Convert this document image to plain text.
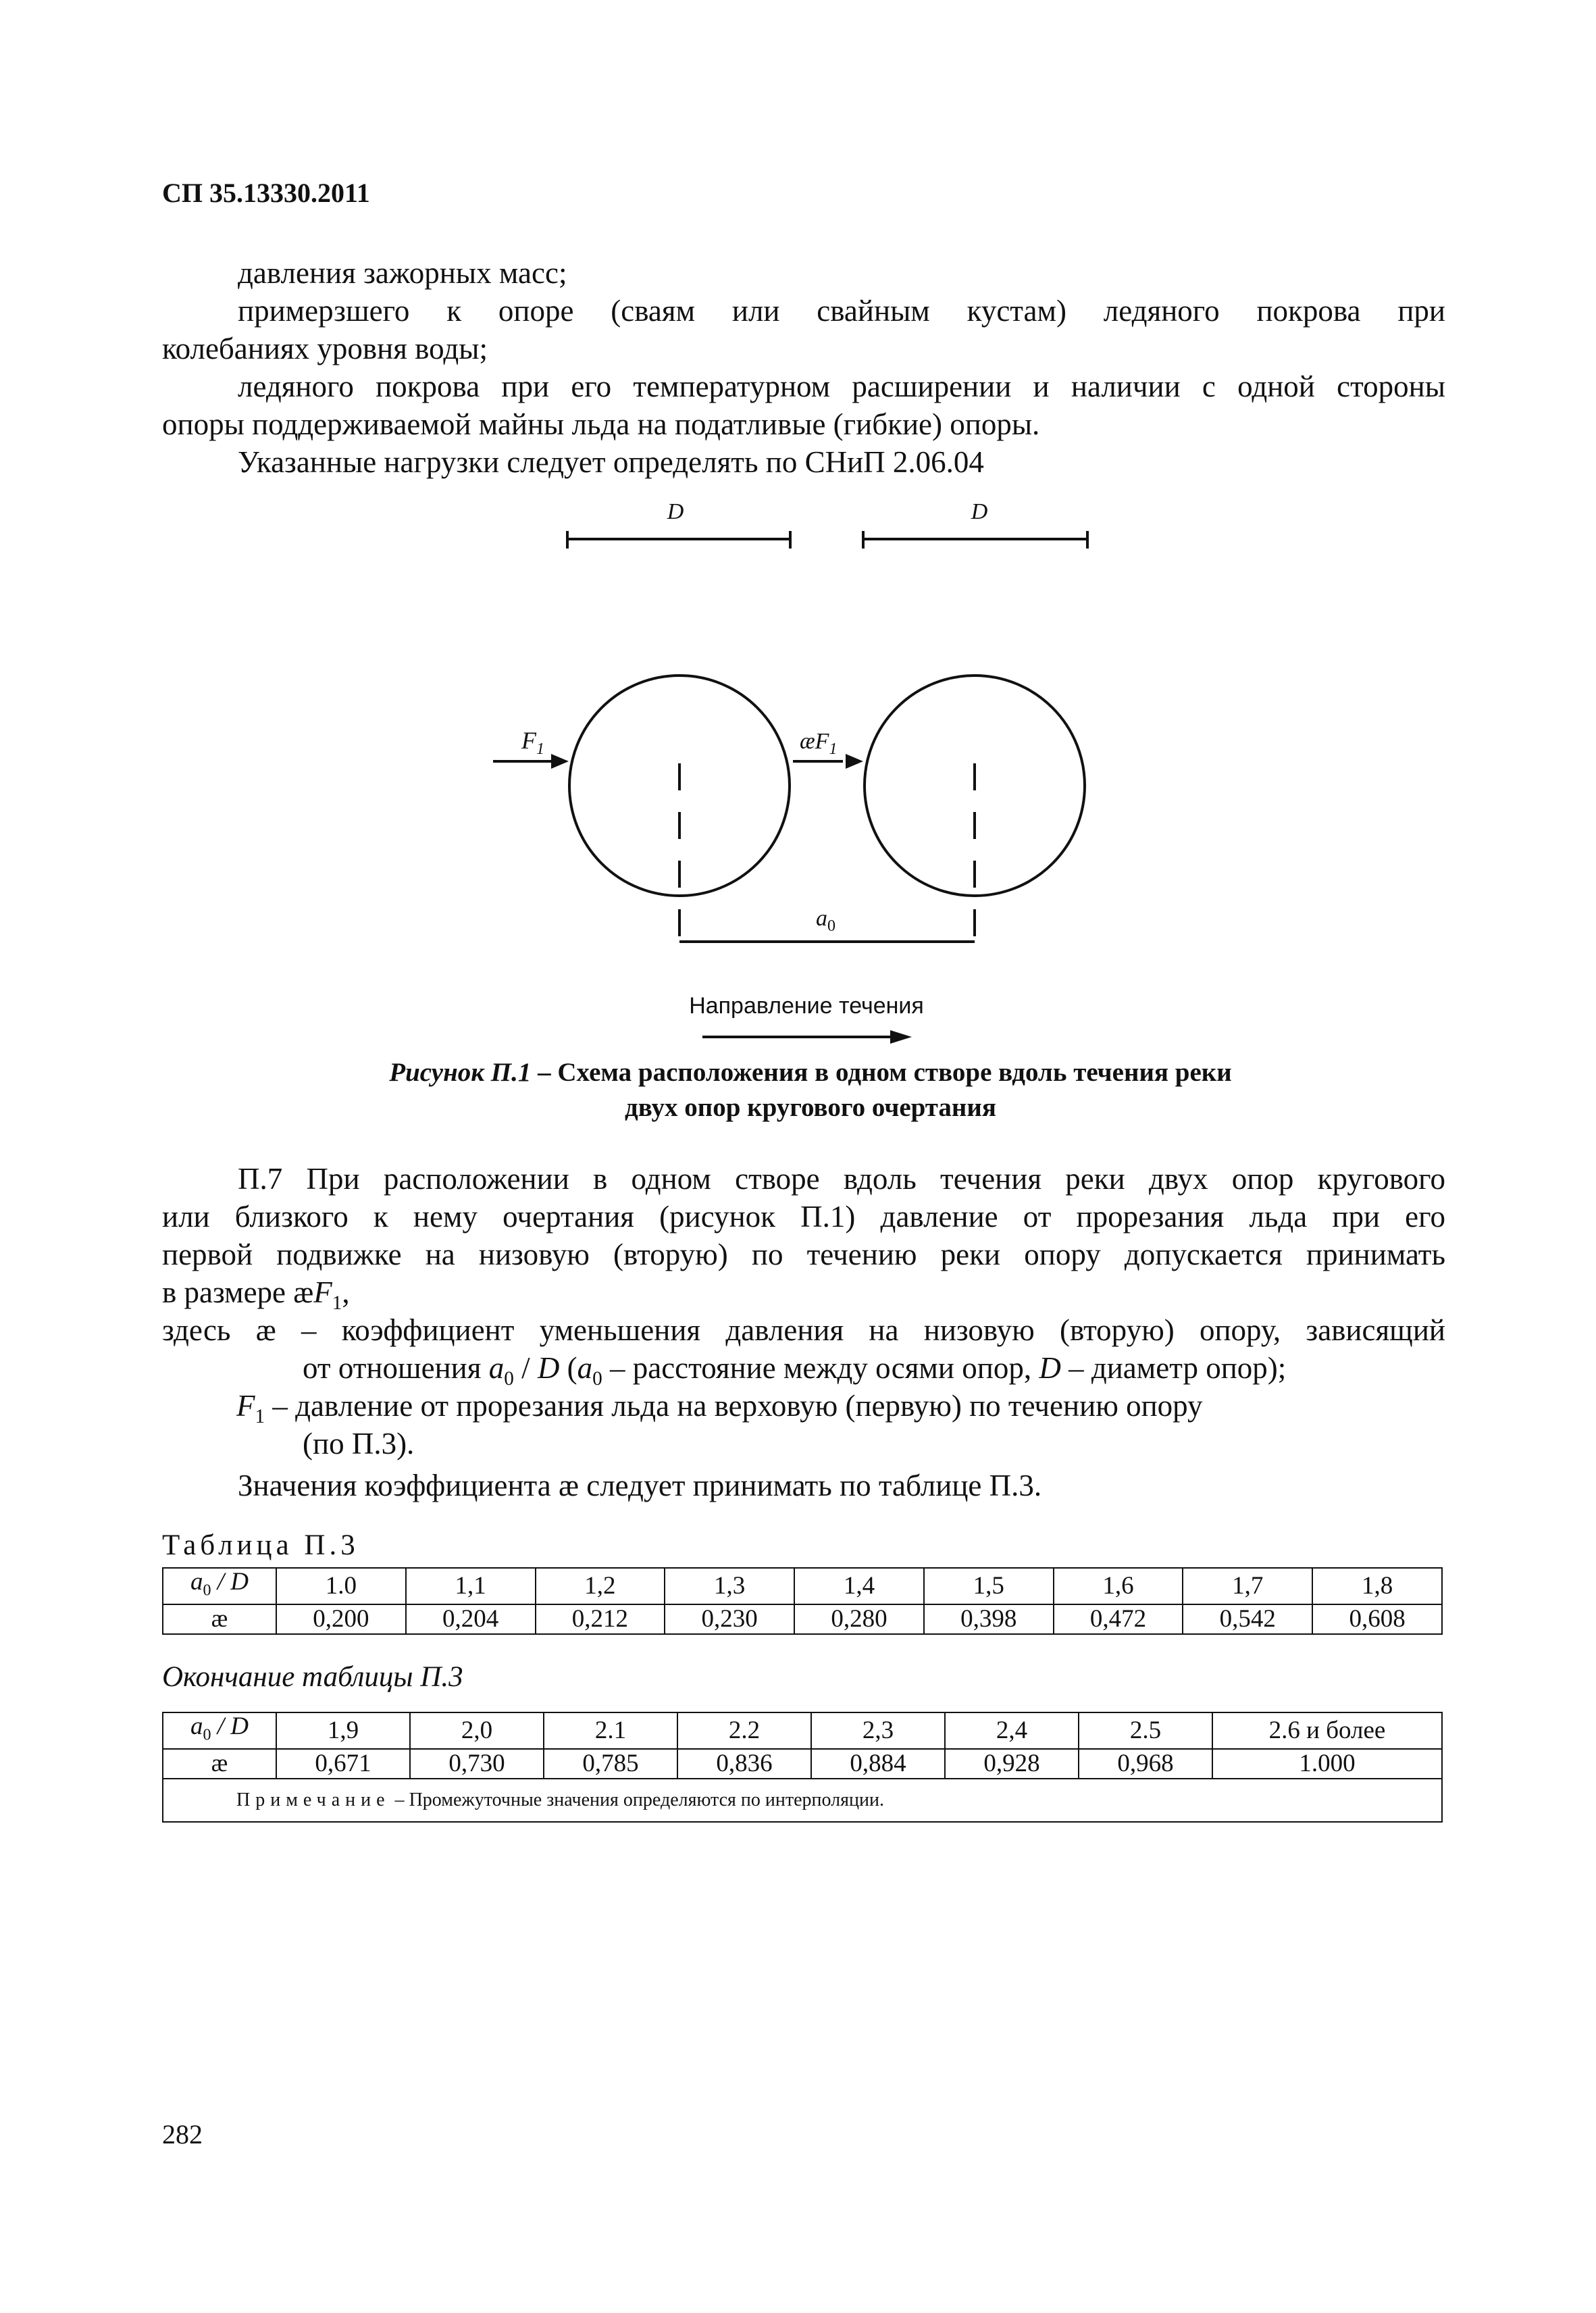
СП 35.13330.2011
давления зажорных масс;
примерзшего к опоре (сваям или свайным кустам) ледяного покрова при
колебаниях уровня воды;
ледяного покрова при его температурном расширении и наличии с одной стороны
опоры поддерживаемой майны льда на податливые (гибкие) опоры.
Указанные нагрузки следует определять по СНиП 2.06.04
D	D
$F_1$	$æF_1$
$a_0$
Направление течения
Рисунок П.1 – Схема расположения в одном створе вдоль течения реки
двух опор кругового очертания
П.7 При расположении в одном створе вдоль течения реки двух опор кругового
или близкого к нему очертания (рисунок П.1) давление от прорезания льда при его
первой подвижке на низовую (вторую) по течению реки опору допускается принимать
в размере $æF_1$,
здесь æ – коэффициент уменьшения давления на низовую (вторую) опору, зависящий
от отношения $a_0$ / D ($a_0$ – расстояние между осями опор, D – диаметр опор);
$F_1$ – давление от прорезания льда на верховую (первую) по течению опору
(по П.3).
Значения коэффициента æ следует принимать по таблице П.3.
Таблица П.3
$a_0$ / D	1.0	1,1	1,2	1,3	1,4	1,5	1,6	1,7	1,8
æ	0,200	0,204	0,212	0,230	0,280	0,398	0,472	0,542	0,608
Окончание таблицы П.3
$a_0$ / D	1,9	2,0	2.1	2.2	2,3	2,4	2.5	2.6 и более
æ	0,671	0,730	0,785	0,836	0,884	0,928	0,968	1.000
Примечание – Промежуточные значения определяются по интерполяции.								
282
